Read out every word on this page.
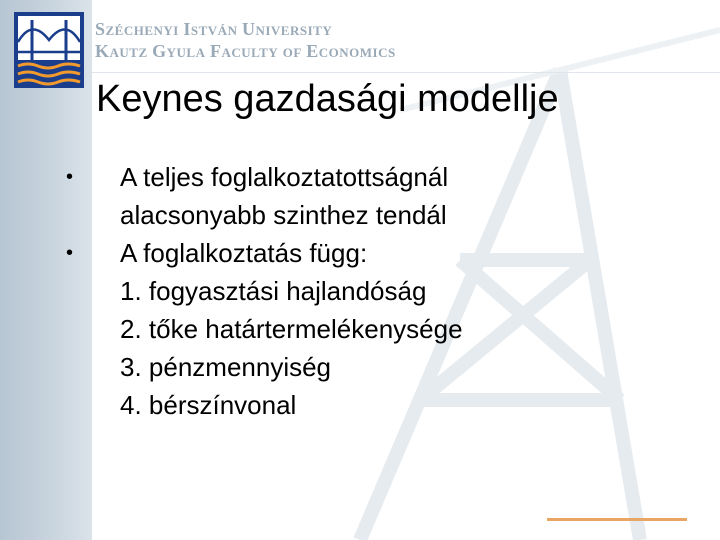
SZÉCHENYI ISTVÁN UNIVERSITY
KAUTZ GYULA FACULTY OF ECONOMICS
Keynes gazdasági modellje
•	A teljes foglalkoztatottságnál
alacsonyabb szinthez tendál
•	A foglalkoztatás függ:
1. fogyasztási hajlandóság
2. tőke határtermelékenysége
3. pénzmennyiség
4. bérszínvonal
